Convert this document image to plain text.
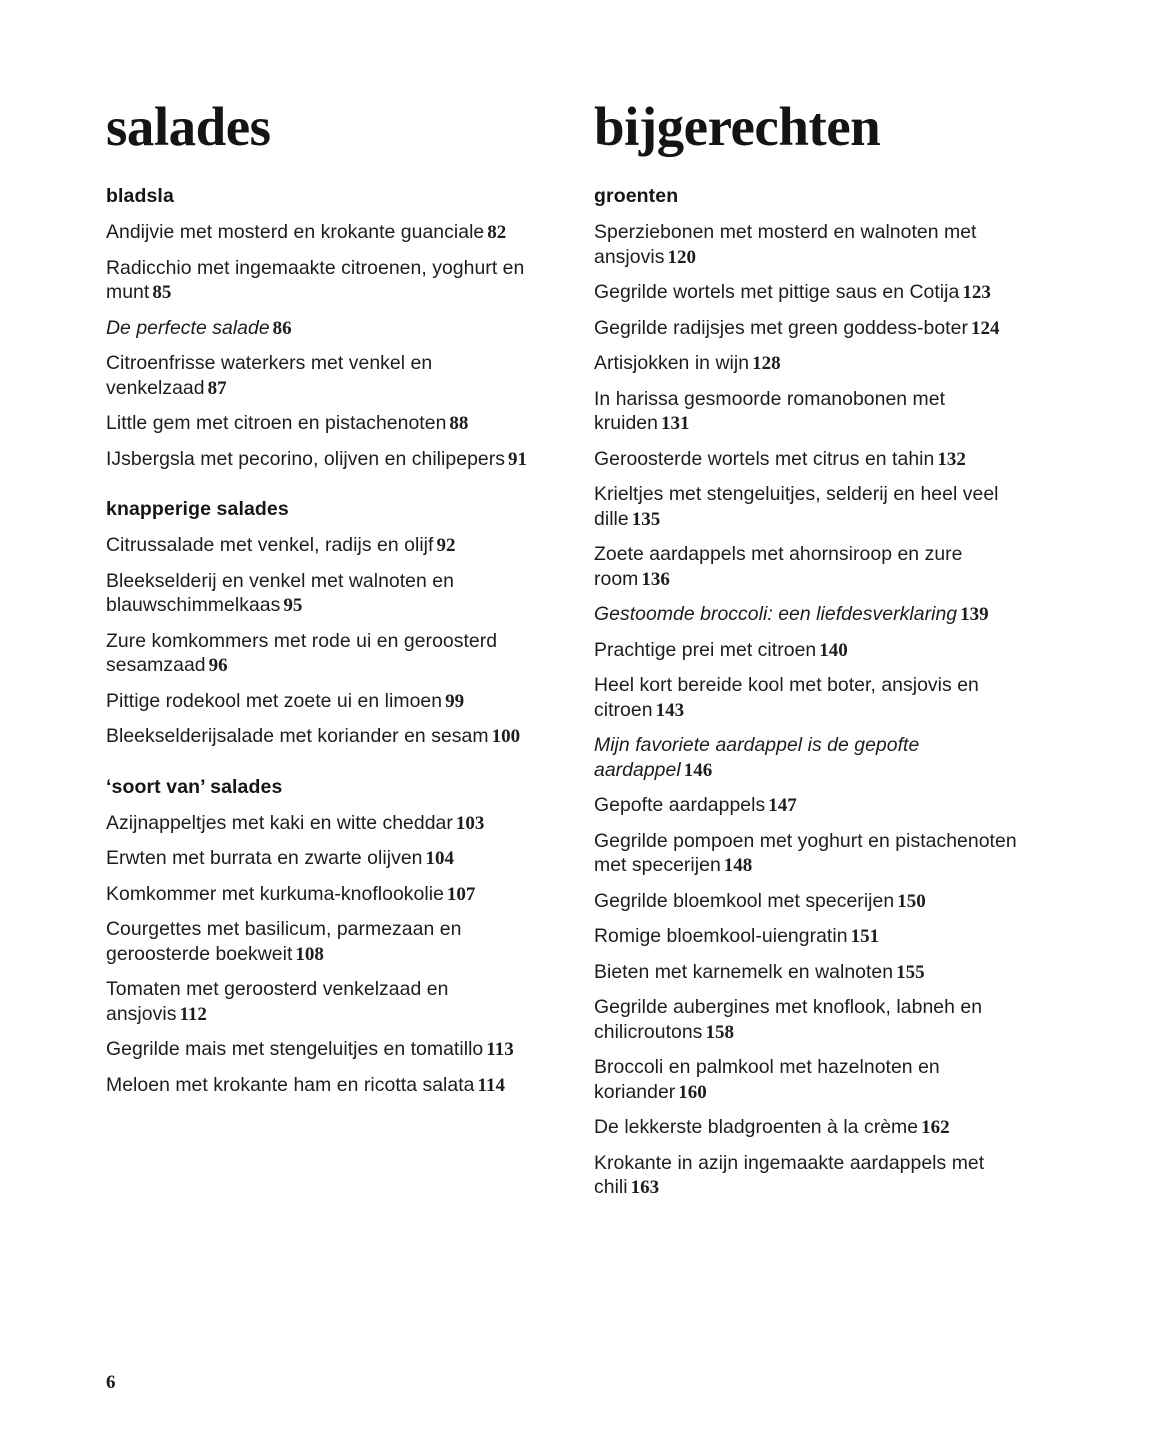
salades
bladsla

Andijvie met mosterd en krokante guanciale 82

Radicchio met ingemaakte citroenen, yoghurt en munt 85

De perfecte salade 86

Citroenfrisse waterkers met venkel en venkelzaad 87

Little gem met citroen en pistachenoten 88

IJsbergsla met pecorino, olijven en chilipepers 91

knapperige salades

Citrussalade met venkel, radijs en olijf 92

Bleekselderij en venkel met walnoten en blauwschimmelkaas 95

Zure komkommers met rode ui en geroosterd sesamzaad 96

Pittige rodekool met zoete ui en limoen 99

Bleekselderijsalade met koriander en sesam 100

‘soort van’ salades

Azijnappeltjes met kaki en witte cheddar 103

Erwten met burrata en zwarte olijven 104

Komkommer met kurkuma-knoflookolie 107

Courgettes met basilicum, parmezaan en geroosterde boekweit 108

Tomaten met geroosterd venkelzaad en ansjovis 112

Gegrilde mais met stengeluitjes en tomatillo 113

Meloen met krokante ham en ricotta salata 114

bijgerechten
groenten

Sperziebonen met mosterd en walnoten met ansjovis 120

Gegrilde wortels met pittige saus en Cotija 123

Gegrilde radijsjes met green goddess-boter 124

Artisjokken in wijn 128

In harissa gesmoorde romanobonen met kruiden 131

Geroosterde wortels met citrus en tahin 132

Krieltjes met stengeluitjes, selderij en heel veel dille 135

Zoete aardappels met ahornsiroop en zure room 136

Gestoomde broccoli: een liefdesverklaring 139

Prachtige prei met citroen 140

Heel kort bereide kool met boter, ansjovis en citroen 143

Mijn favoriete aardappel is de gepofte aardappel 146

Gepofte aardappels 147

Gegrilde pompoen met yoghurt en pistachenoten met specerijen 148

Gegrilde bloemkool met specerijen 150

Romige bloemkool-uiengratin 151

Bieten met karnemelk en walnoten 155

Gegrilde aubergines met knoflook, labneh en chilicroutons 158

Broccoli en palmkool met hazelnoten en koriander 160

De lekkerste bladgroenten à la crème 162

Krokante in azijn ingemaakte aardappels met chili 163

6
